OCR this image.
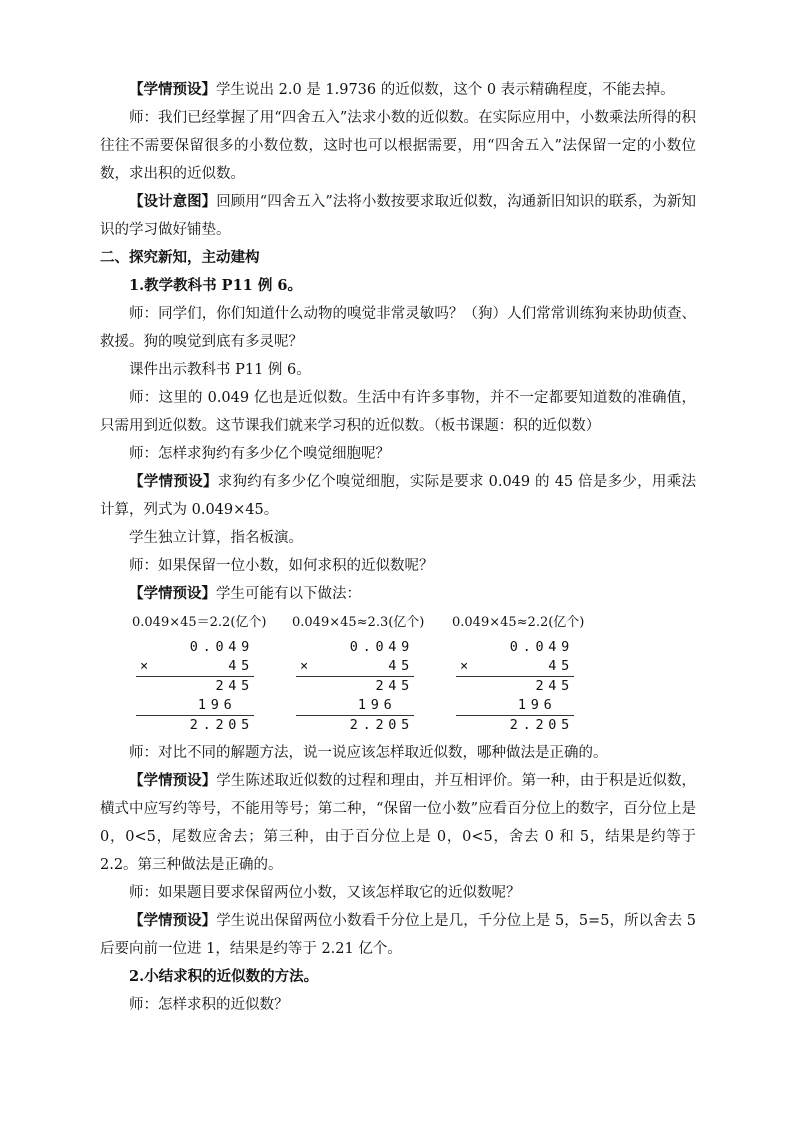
【学情预设】学生说出 2.0 是 1.9736 的近似数，这个 0 表示精确程度，不能去掉。

师：我们已经掌握了用“四舍五入”法求小数的近似数。在实际应用中，小数乘法所得的积往往不需要保留很多的小数位数，这时也可以根据需要，用“四舍五入”法保留一定的小数位数，求出积的近似数。

【设计意图】回顾用“四舍五入”法将小数按要求取近似数，沟通新旧知识的联系，为新知识的学习做好铺垫。

二、探究新知，主动建构

1.教学教科书 P11 例 6。

师：同学们，你们知道什么动物的嗅觉非常灵敏吗？（狗）人们常常训练狗来协助侦查、救援。狗的嗅觉到底有多灵呢？

课件出示教科书 P11 例 6。

师：这里的 0.049 亿也是近似数。生活中有许多事物，并不一定都要知道数的准确值，只需用到近似数。这节课我们就来学习积的近似数。（板书课题：积的近似数）

师：怎样求狗约有多少亿个嗅觉细胞呢？

【学情预设】求狗约有多少亿个嗅觉细胞，实际是要求 0.049 的 45 倍是多少，用乘法计算，列式为 0.049×45。

学生独立计算，指名板演。

师：如果保留一位小数，如何求积的近似数呢？

【学情预设】学生可能有以下做法：

0.049×45＝2.2(亿个)
0.049
×	45
245
196
2.205
0.049×45≈2.3(亿个)
0.049
×	45
245
196
2.205
0.049×45≈2.2(亿个)
0.049
×	45
245
196
2.205

师：对比不同的解题方法，说一说应该怎样取近似数，哪种做法是正确的。

【学情预设】学生陈述取近似数的过程和理由，并互相评价。第一种，由于积是近似数，横式中应写约等号，不能用等号；第二种，“保留一位小数”应看百分位上的数字，百分位上是 0，0<5，尾数应舍去；第三种，由于百分位上是 0，0<5，舍去 0 和 5，结果是约等于 2.2。第三种做法是正确的。

师：如果题目要求保留两位小数，又该怎样取它的近似数呢？

【学情预设】学生说出保留两位小数看千分位上是几，千分位上是 5，5=5，所以舍去 5 后要向前一位进 1，结果是约等于 2.21 亿个。

2.小结求积的近似数的方法。

师：怎样求积的近似数？
